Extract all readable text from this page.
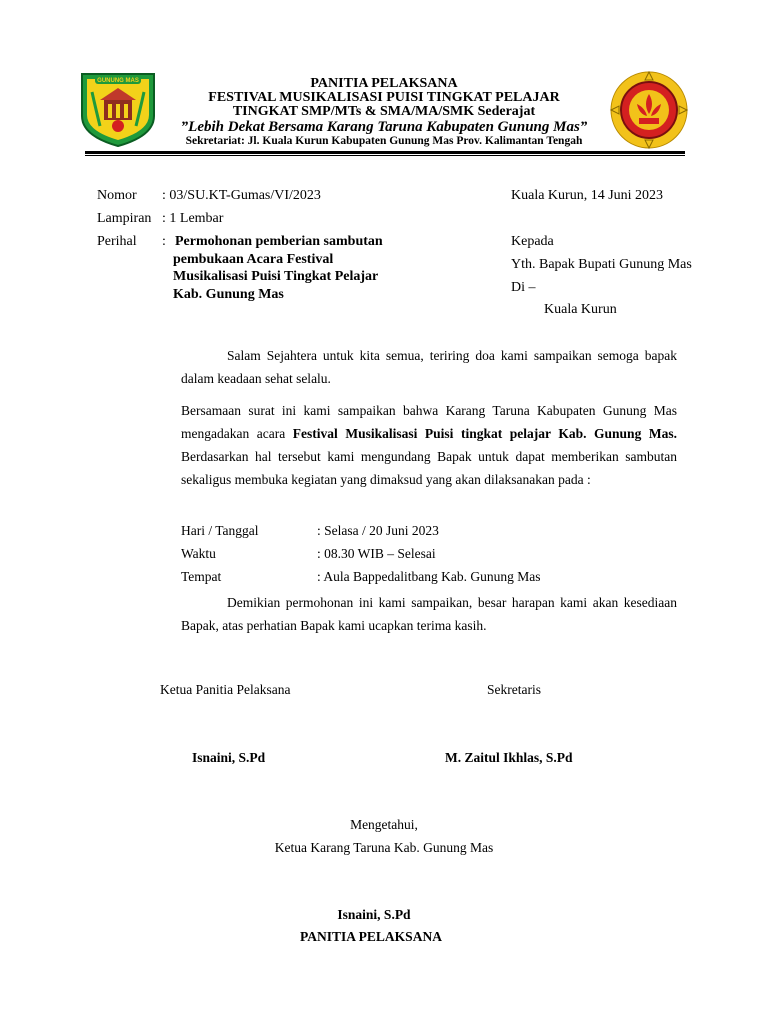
GUNUNG MAS	PANITIA PELAKSANA
FESTIVAL MUSIKALISASI PUISI TINGKAT PELAJAR
TINGKAT SMP/MTs & SMA/MA/SMK Sederajat
”Lebih Dekat Bersama Karang Taruna Kabupaten Gunung Mas”
Sekretariat: Jl. Kuala Kurun Kabupaten Gunung Mas Prov. Kalimantan Tengah
Nomor : 03/SU.KT-Gumas/VI/2023
Lampiran : 1 Lembar
Perihal : Permohonan pemberian sambutan
pembukaan Acara Festival
Musikalisasi Puisi Tingkat Pelajar
Kab. Gunung Mas
Kuala Kurun, 14 Juni 2023
Kepada
Yth. Bapak Bupati Gunung Mas
Di –
Kuala Kurun
Salam Sejahtera untuk kita semua, teriring doa kami sampaikan semoga bapak dalam keadaan sehat selalu.
Bersamaan surat ini kami sampaikan bahwa Karang Taruna Kabupaten Gunung Mas mengadakan acara Festival Musikalisasi Puisi tingkat pelajar Kab. Gunung Mas. Berdasarkan hal tersebut kami mengundang Bapak untuk dapat memberikan sambutan sekaligus membuka kegiatan yang dimaksud yang akan dilaksanakan pada :
Hari / Tanggal	: Selasa / 20 Juni 2023
Waktu	: 08.30 WIB – Selesai
Tempat	: Aula Bappedalitbang Kab. Gunung Mas
Demikian permohonan ini kami sampaikan, besar harapan kami akan kesediaan Bapak, atas perhatian Bapak kami ucapkan terima kasih.
Ketua Panitia Pelaksana	Sekretaris
Isnaini, S.Pd	M. Zaitul Ikhlas, S.Pd
Mengetahui,
Ketua Karang Taruna Kab. Gunung Mas
Isnaini, S.Pd
PANITIA PELAKSANA
